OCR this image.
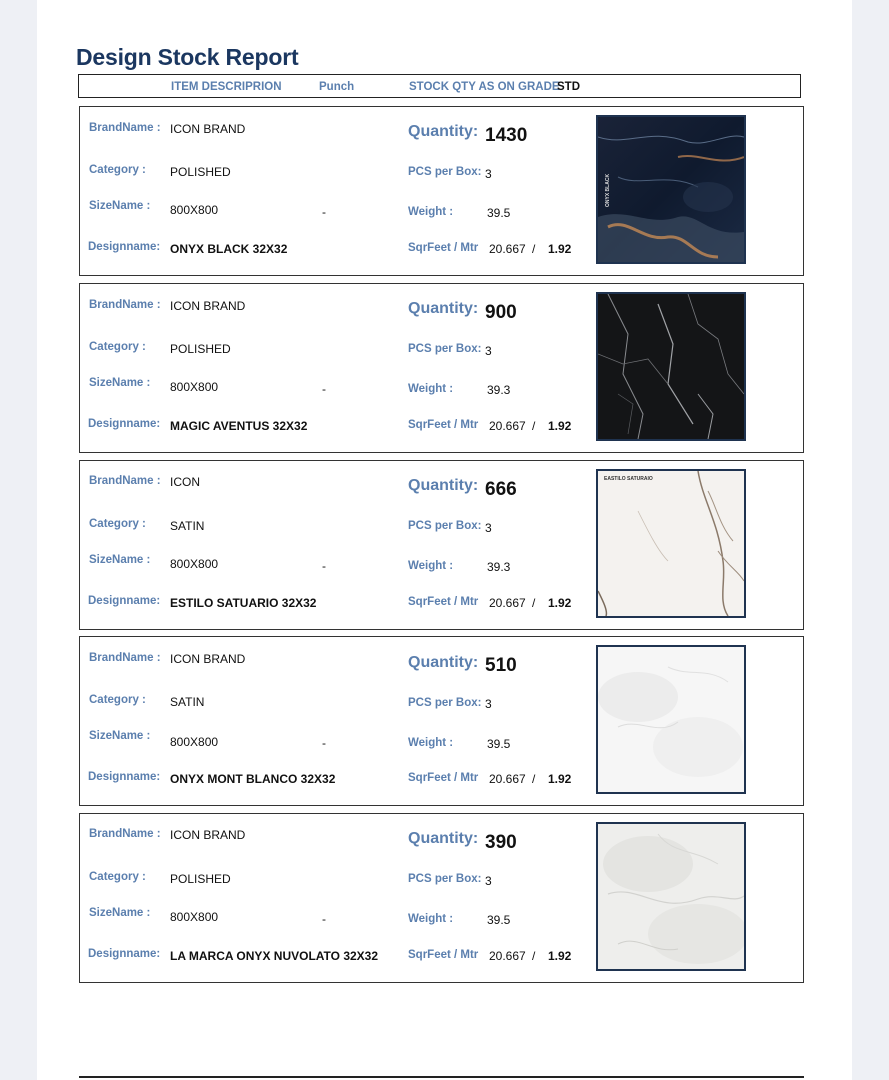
Design Stock Report
ITEM DESCRIPRION	Punch	STOCK QTY AS ON GRADE
STD
BrandName : ICON BRAND
Category : POLISHED
SizeName : 800X800	-
Designname: ONYX BLACK 32X32
Quantity: 1430
PCS per Box: 3
Weight :	39.5
SqrFeet / Mtr 20.667 / 1.92
ONYX BLACK
BrandName : ICON BRAND
Category : POLISHED
SizeName : 800X800	-
Designname: MAGIC AVENTUS 32X32
Quantity: 900
PCS per Box: 3
Weight :	39.3
SqrFeet / Mtr 20.667 / 1.92
BrandName : ICON
Category : SATIN
SizeName : 800X800	-
Designname: ESTILO SATUARIO 32X32
Quantity: 666
PCS per Box: 3
Weight :	39.3
SqrFeet / Mtr 20.667 / 1.92
EASTILO SATURAIO
BrandName : ICON BRAND
Category : SATIN
SizeName : 800X800	-
Designname: ONYX MONT BLANCO 32X32
Quantity: 510
PCS per Box: 3
Weight :	39.5
SqrFeet / Mtr 20.667 / 1.92
BrandName : ICON BRAND
Category : POLISHED
SizeName : 800X800	-
Designname: LA MARCA ONYX NUVOLATO 32X32
Quantity: 390
PCS per Box: 3
Weight :	39.5
SqrFeet / Mtr 20.667 / 1.92
